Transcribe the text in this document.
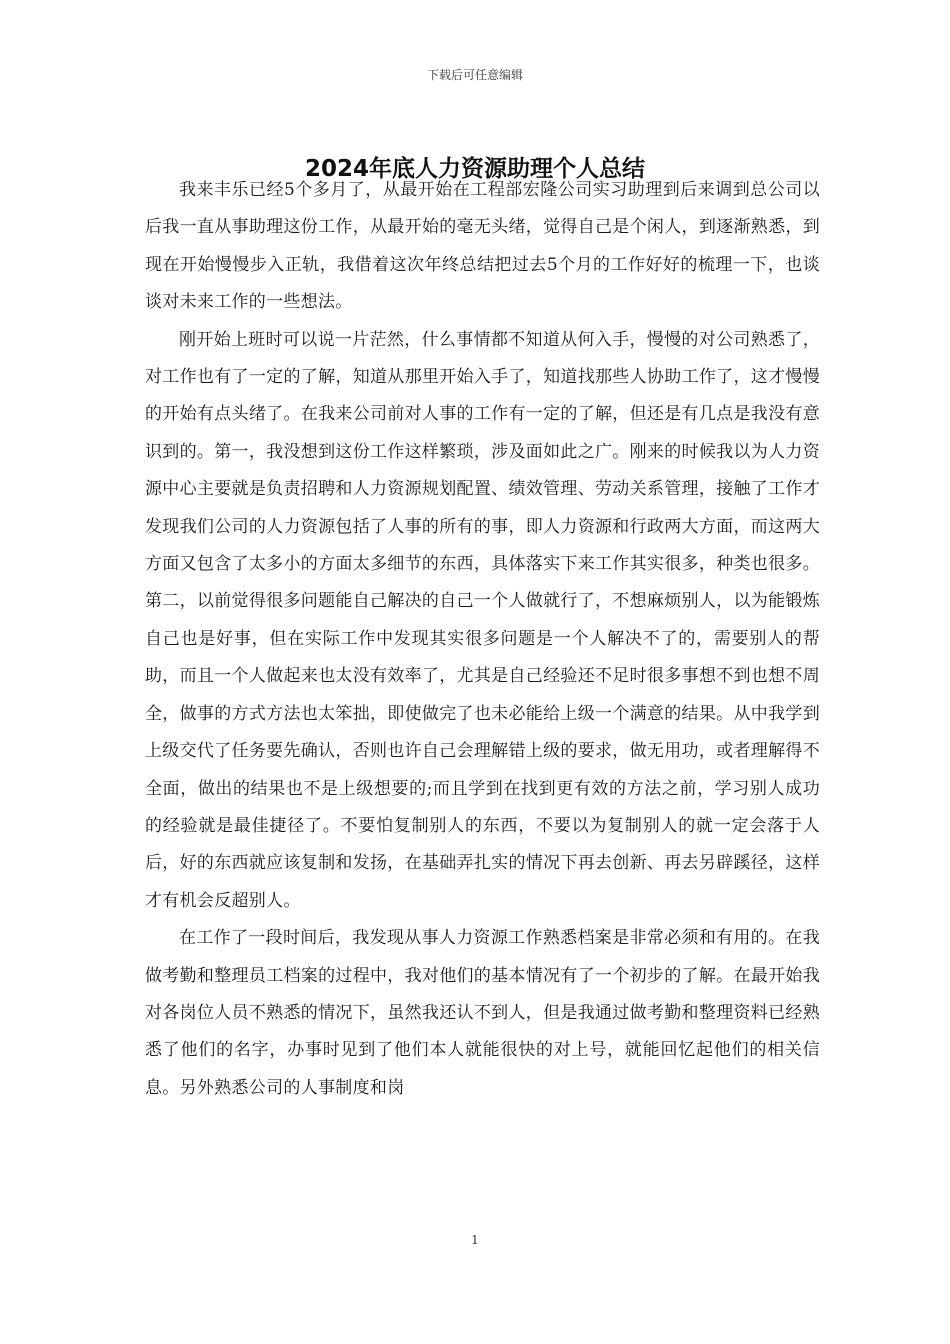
下载后可任意编辑
2024年底人力资源助理个人总结

我来丰乐已经5个多月了，从最开始在工程部宏隆公司实习助理到后来调到总公司以后我一直从事助理这份工作，从最开始的毫无头绪，觉得自己是个闲人，到逐渐熟悉，到现在开始慢慢步入正轨，我借着这次年终总结把过去5个月的工作好好的梳理一下，也谈谈对未来工作的一些想法。

刚开始上班时可以说一片茫然，什么事情都不知道从何入手，慢慢的对公司熟悉了，对工作也有了一定的了解，知道从那里开始入手了，知道找那些人协助工作了，这才慢慢的开始有点头绪了。在我来公司前对人事的工作有一定的了解，但还是有几点是我没有意识到的。第一，我没想到这份工作这样繁琐，涉及面如此之广。刚来的时候我以为人力资源中心主要就是负责招聘和人力资源规划配置、绩效管理、劳动关系管理，接触了工作才发现我们公司的人力资源包括了人事的所有的事，即人力资源和行政两大方面，而这两大方面又包含了太多小的方面太多细节的东西，具体落实下来工作其实很多，种类也很多。第二，以前觉得很多问题能自己解决的自己一个人做就行了，不想麻烦别人，以为能锻炼自己也是好事，但在实际工作中发现其实很多问题是一个人解决不了的，需要别人的帮助，而且一个人做起来也太没有效率了，尤其是自己经验还不足时很多事想不到也想不周全，做事的方式方法也太笨拙，即使做完了也未必能给上级一个满意的结果。从中我学到上级交代了任务要先确认，否则也许自己会理解错上级的要求，做无用功，或者理解得不全面，做出的结果也不是上级想要的;而且学到在找到更有效的方法之前，学习别人成功的经验就是最佳捷径了。不要怕复制别人的东西，不要以为复制别人的就一定会落于人后，好的东西就应该复制和发扬，在基础弄扎实的情况下再去创新、再去另辟蹊径，这样才有机会反超别人。

在工作了一段时间后，我发现从事人力资源工作熟悉档案是非常必须和有用的。在我做考勤和整理员工档案的过程中，我对他们的基本情况有了一个初步的了解。在最开始我对各岗位人员不熟悉的情况下，虽然我还认不到人，但是我通过做考勤和整理资料已经熟悉了他们的名字，办事时见到了他们本人就能很快的对上号，就能回忆起他们的相关信息。另外熟悉公司的人事制度和岗

1
